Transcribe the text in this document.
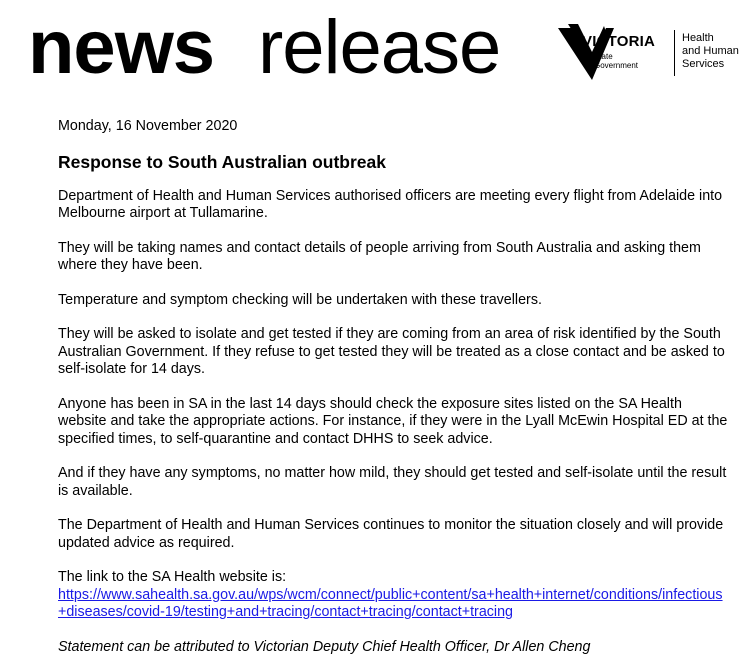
news release	VICTORIA
State
Government
Health
and Human
Services

Monday, 16 November 2020

Response to South Australian outbreak

Department of Health and Human Services authorised officers are meeting every flight from Adelaide into Melbourne airport at Tullamarine.

They will be taking names and contact details of people arriving from South Australia and asking them where they have been.

Temperature and symptom checking will be undertaken with these travellers.

They will be asked to isolate and get tested if they are coming from an area of risk identified by the South Australian Government. If they refuse to get tested they will be treated as a close contact and be asked to self-isolate for 14 days.

Anyone has been in SA in the last 14 days should check the exposure sites listed on the SA Health website and take the appropriate actions. For instance, if they were in the Lyall McEwin Hospital ED at the specified times, to self-quarantine and contact DHHS to seek advice.

And if they have any symptoms, no matter how mild, they should get tested and self-isolate until the result is available.

The Department of Health and Human Services continues to monitor the situation closely and will provide updated advice as required.

The link to the SA Health website is:
https://www.sahealth.sa.gov.au/wps/wcm/connect/public+content/sa+health+internet/conditions/infectious+diseases/covid-19/testing+and+tracing/contact+tracing/contact+tracing

Statement can be attributed to Victorian Deputy Chief Health Officer, Dr Allen Cheng
